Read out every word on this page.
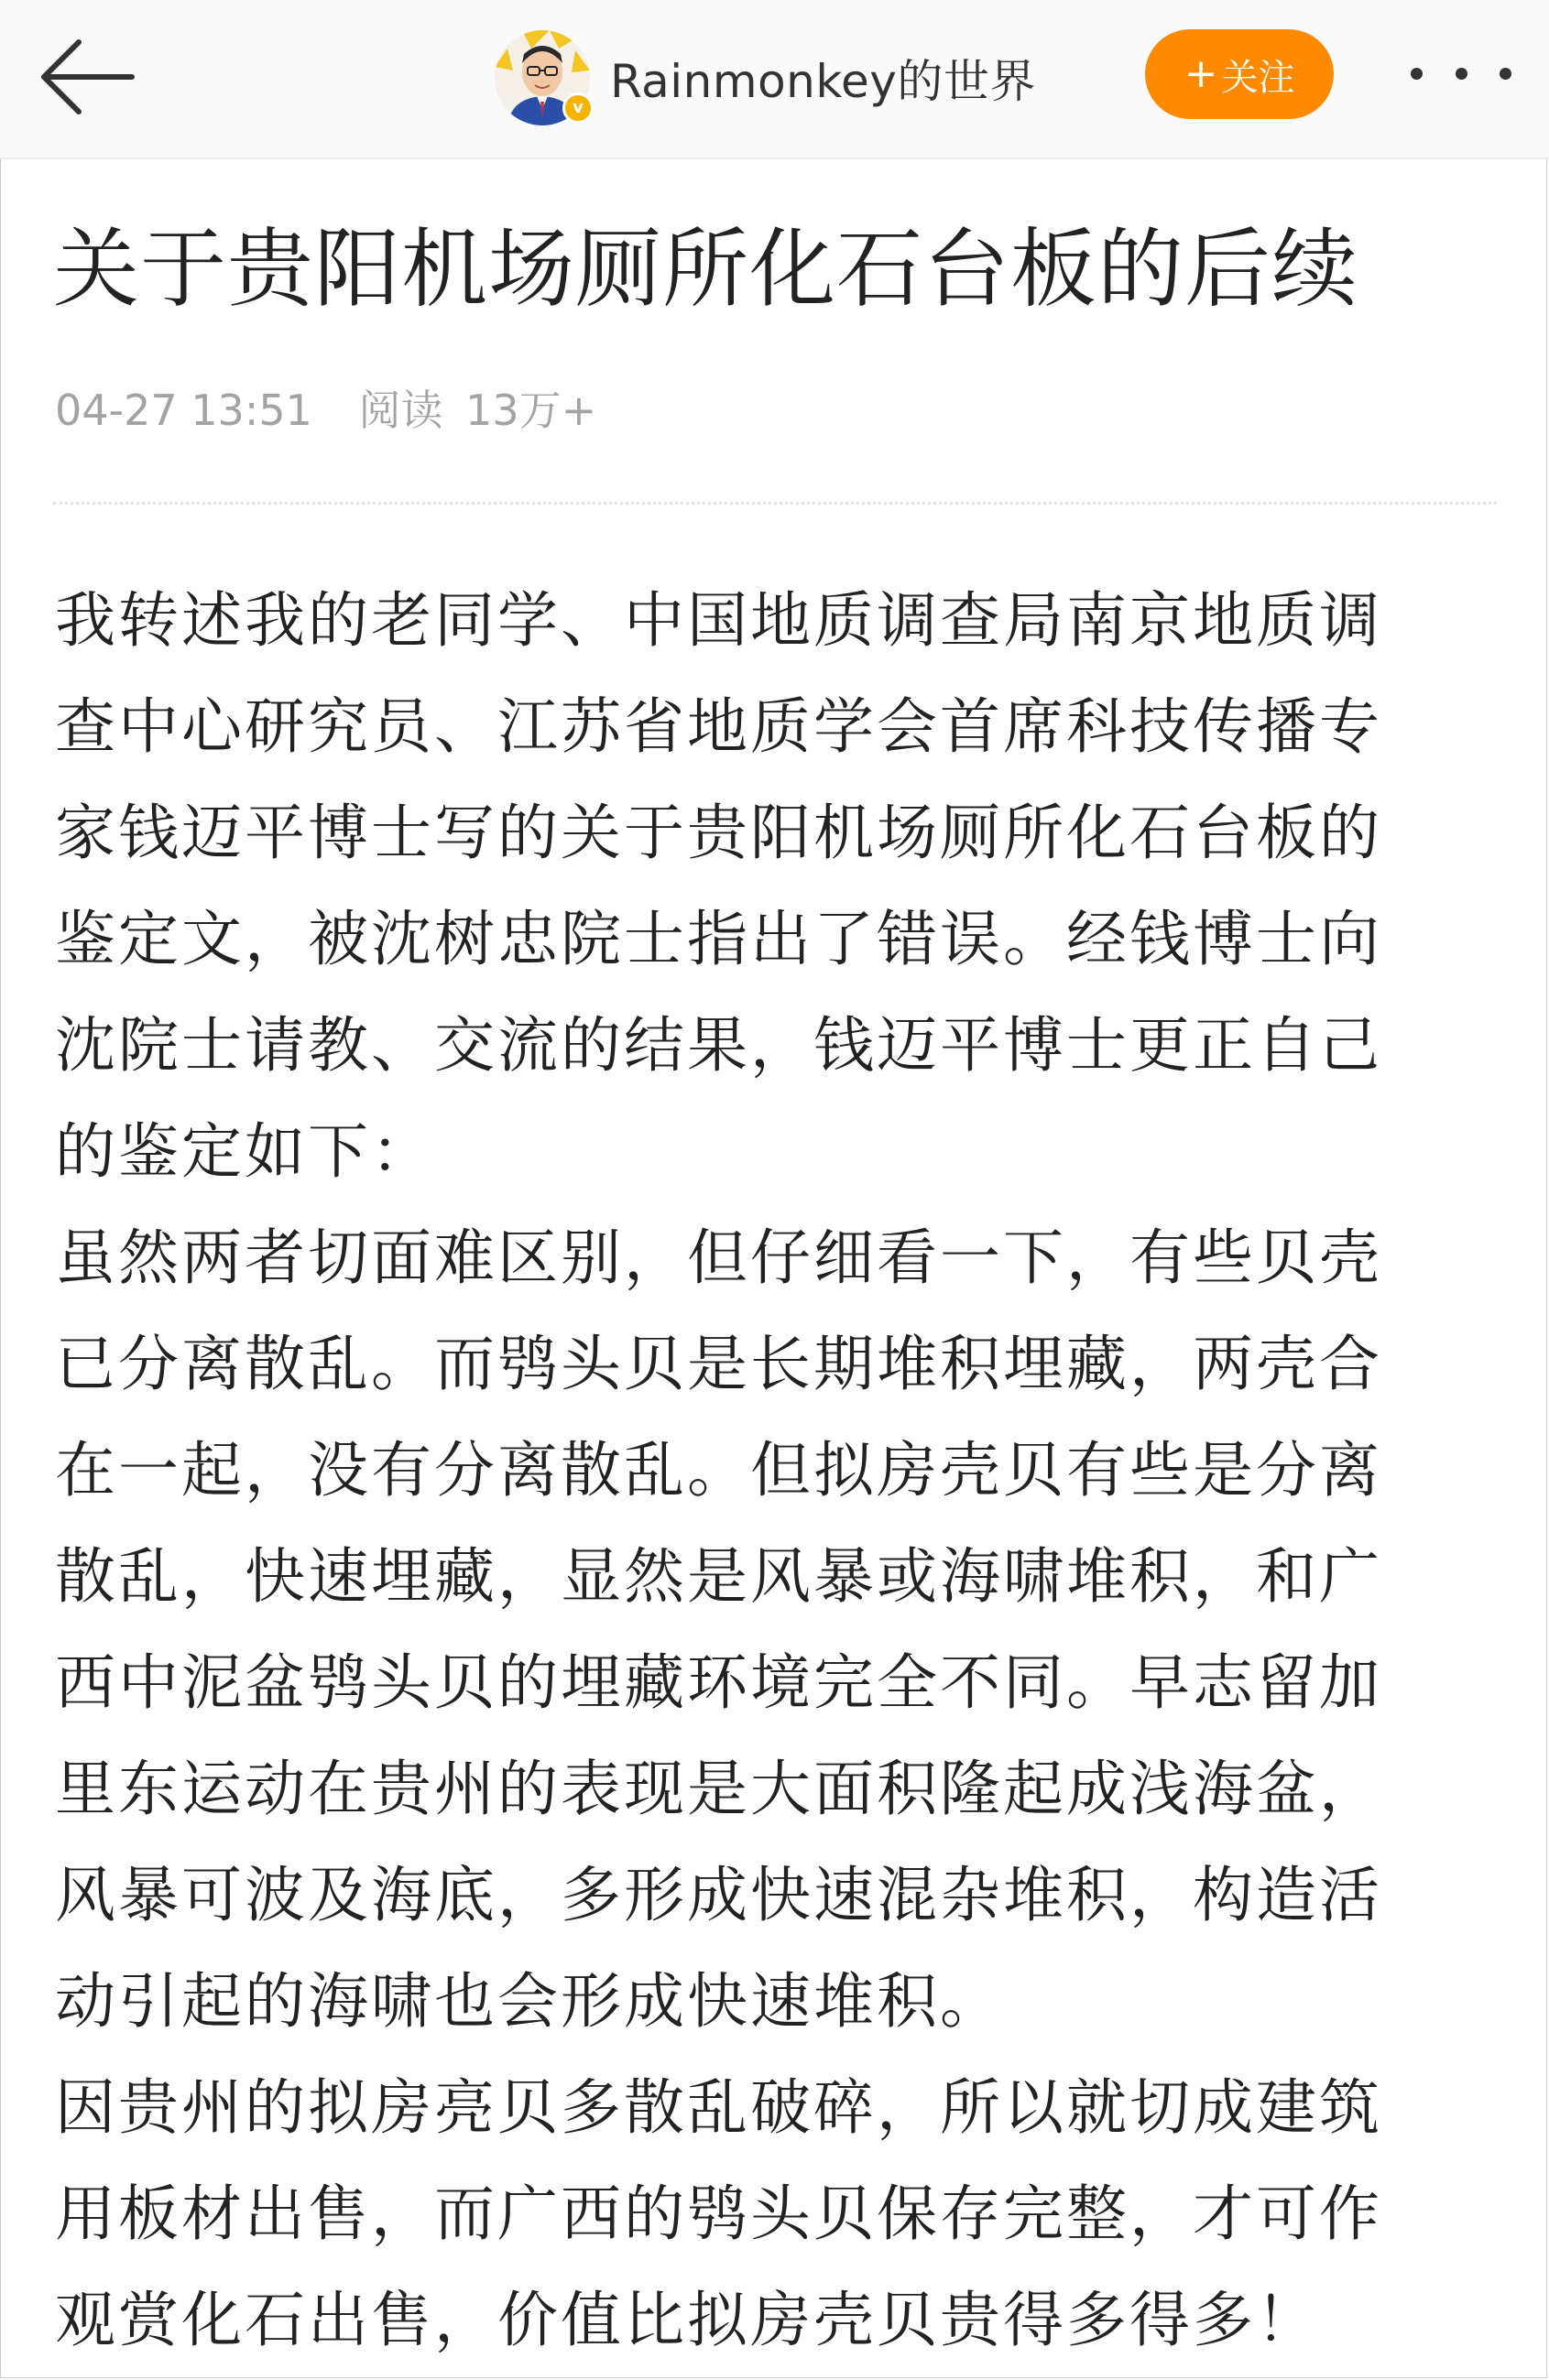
v Rainmonkey的世界	+ 关注
关于贵阳机场厕所化石台板的后续
04-27 13:51 阅读 13万+
我转述我的老同学、中国地质调查局南京地质调
查中心研究员、江苏省地质学会首席科技传播专
家钱迈平博士写的关于贵阳机场厕所化石台板的
鉴定文，被沈树忠院士指出了错误。经钱博士向
沈院士请教、交流的结果，钱迈平博士更正自己
的鉴定如下：
虽然两者切面难区别，但仔细看一下，有些贝壳
已分离散乱。而鸮头贝是长期堆积埋藏，两壳合
在一起，没有分离散乱。但拟房壳贝有些是分离
散乱，快速埋藏，显然是风暴或海啸堆积，和广
西中泥盆鸮头贝的埋藏环境完全不同。早志留加
里东运动在贵州的表现是大面积隆起成浅海盆，
风暴可波及海底，多形成快速混杂堆积，构造活
动引起的海啸也会形成快速堆积。
因贵州的拟房亮贝多散乱破碎，所以就切成建筑
用板材出售，而广西的鸮头贝保存完整，才可作
观赏化石出售，价值比拟房壳贝贵得多得多！
